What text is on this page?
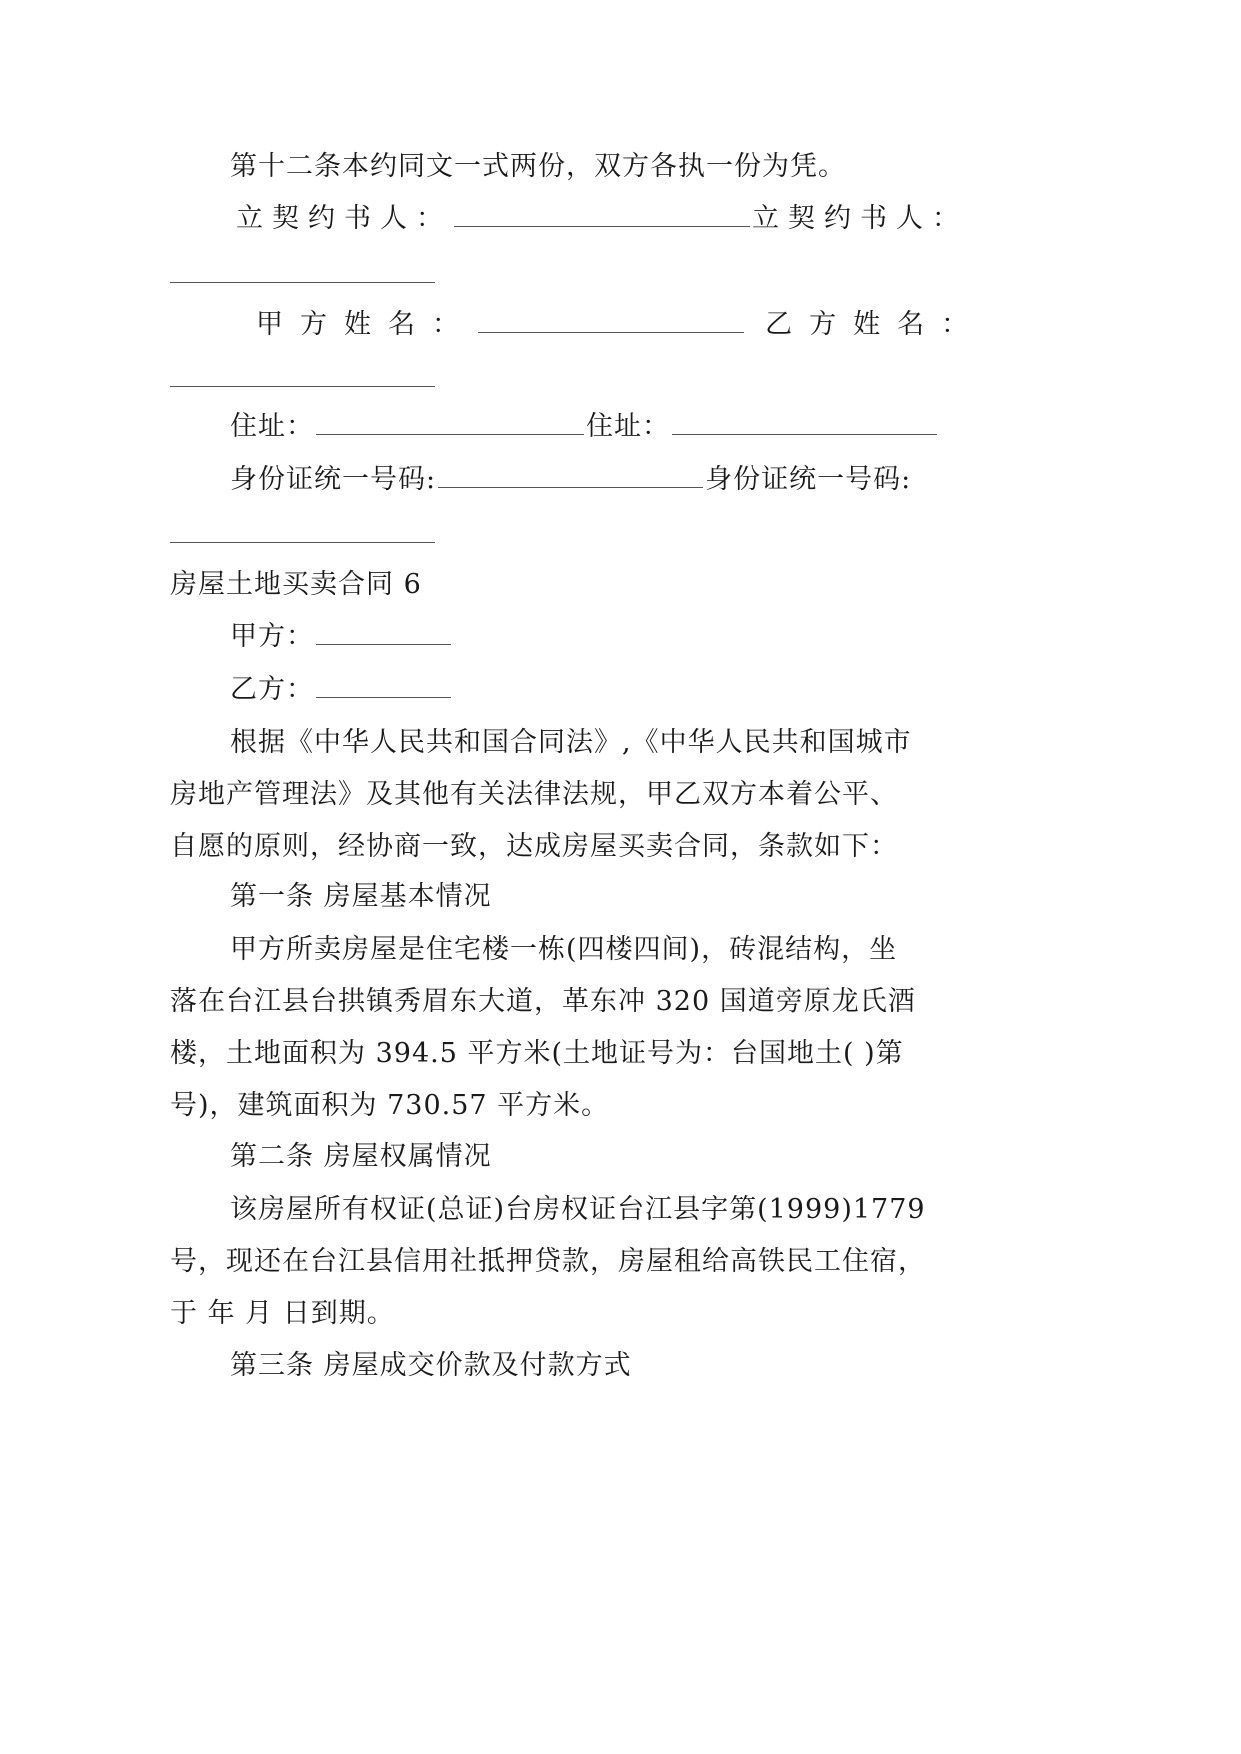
第十二条本约同文一式两份，双方各执一份为凭。
立契约书人：	立契约书人：
甲方姓名：	乙方姓名：
住址：	住址：
身份证统一号码:	身份证统一号码:
房屋土地买卖合同 6
甲方：
乙方：
根据《中华人民共和国合同法》,《中华人民共和国城市
房地产管理法》及其他有关法律法规，甲乙双方本着公平、
自愿的原则，经协商一致，达成房屋买卖合同，条款如下：
第一条 房屋基本情况
甲方所卖房屋是住宅楼一栋(四楼四间)，砖混结构，坐
落在台江县台拱镇秀眉东大道，革东冲 320 国道旁原龙氏酒
楼，土地面积为 394.5 平方米(土地证号为：台国地土( )第
号)，建筑面积为 730.57 平方米。
第二条 房屋权属情况
该房屋所有权证(总证)台房权证台江县字第(1999)1779
号，现还在台江县信用社抵押贷款，房屋租给高铁民工住宿，
于 年 月 日到期。
第三条 房屋成交价款及付款方式
